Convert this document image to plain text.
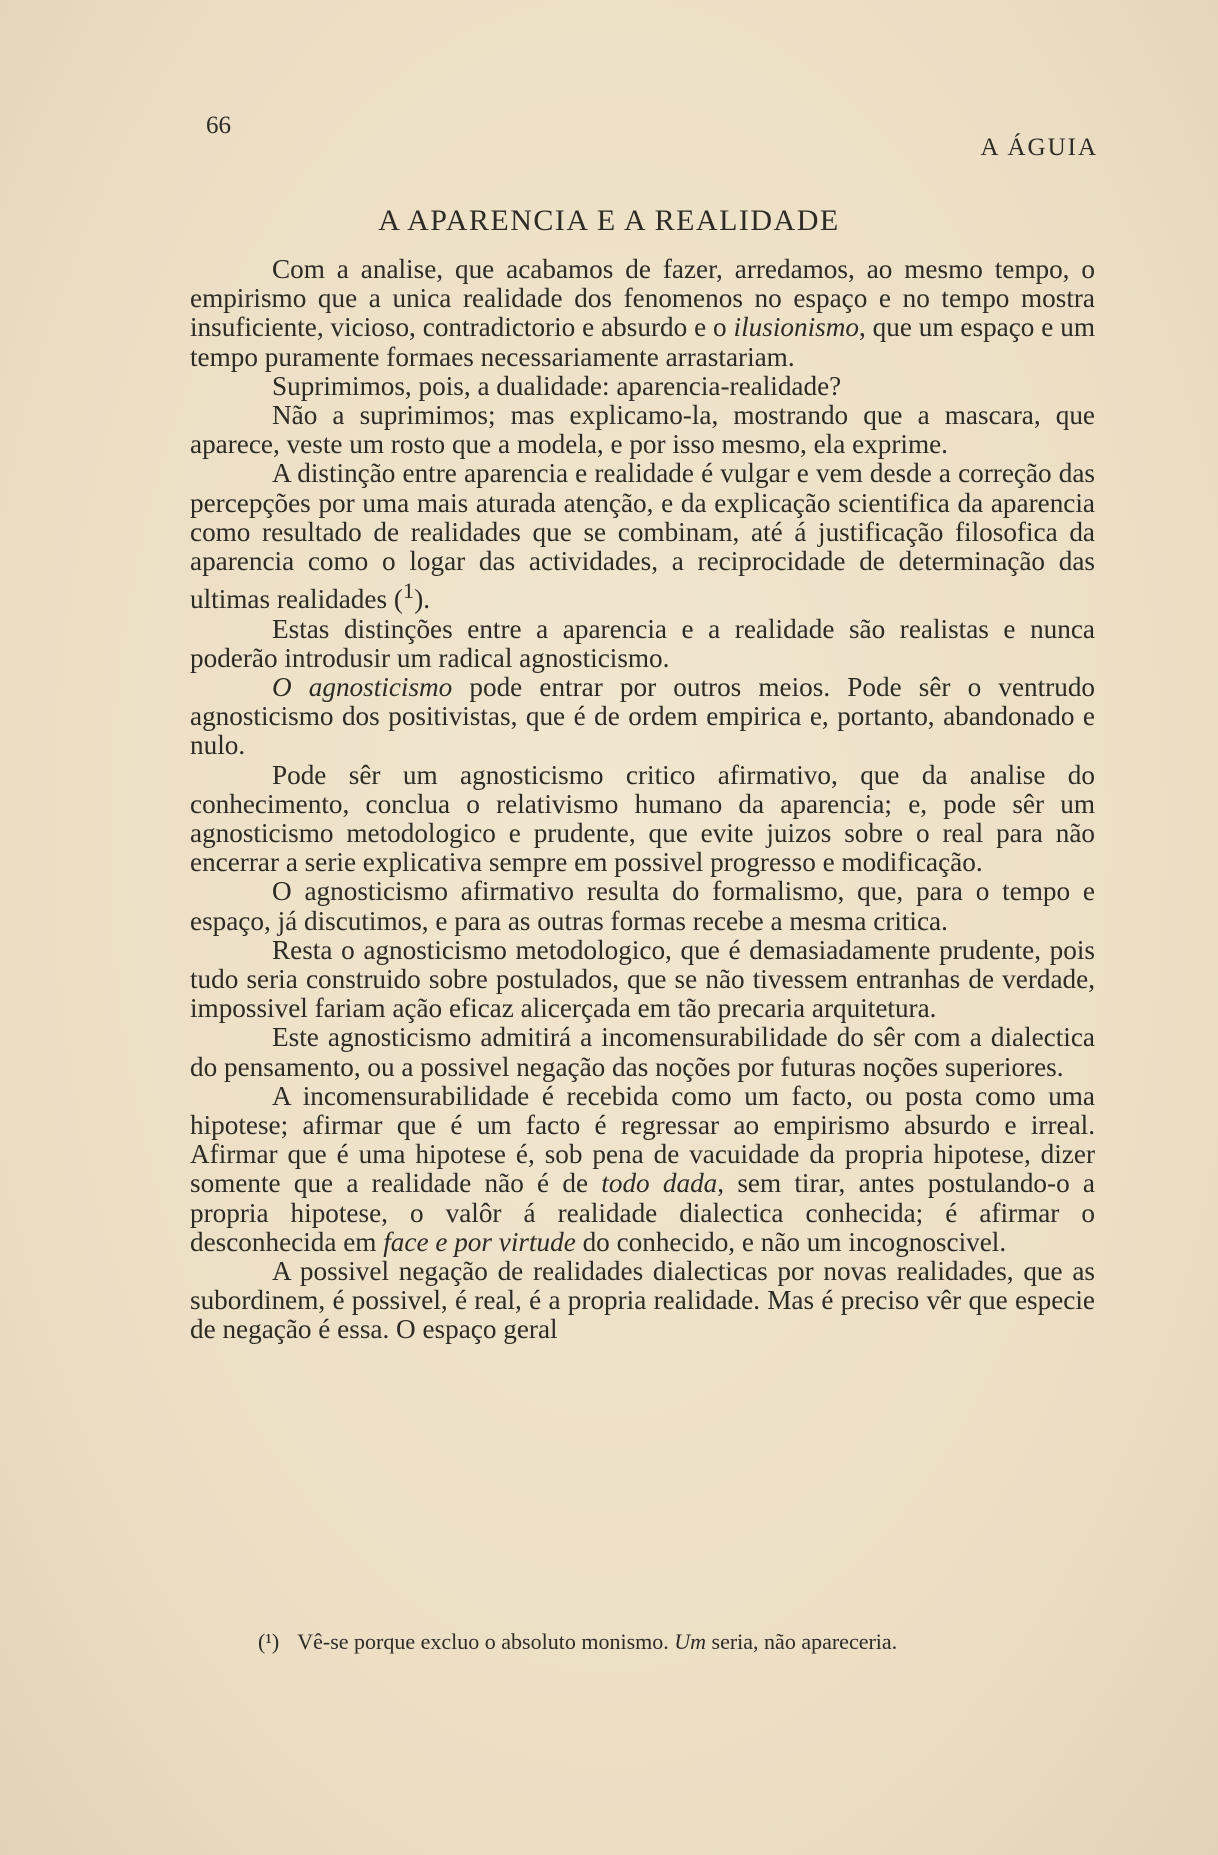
66
A ÁGUIA
A APARENCIA E A REALIDADE

Com a analise, que acabamos de fazer, arredamos, ao mesmo tempo, o empirismo que a unica realidade dos fenomenos no espaço e no tempo mostra insuficiente, vicioso, contradictorio e absurdo e o ilusionismo, que um espaço e um tempo puramente formaes necessariamente arrastariam.

Suprimimos, pois, a dualidade: aparencia-realidade?

Não a suprimimos; mas explicamo-la, mostrando que a mascara, que aparece, veste um rosto que a modela, e por isso mesmo, ela exprime.

A distinção entre aparencia e realidade é vulgar e vem desde a correção das percepções por uma mais aturada atenção, e da explicação scientifica da aparencia como resultado de realidades que se combinam, até á justificação filosofica da aparencia como o logar das actividades, a reciprocidade de determinação das ultimas realidades ($^1$).

Estas distinções entre a aparencia e a realidade são realistas e nunca poderão introdusir um radical agnosticismo.

O agnosticismo pode entrar por outros meios. Pode sêr o ventrudo agnosticismo dos positivistas, que é de ordem empirica e, portanto, abandonado e nulo.

Pode sêr um agnosticismo critico afirmativo, que da analise do conhecimento, conclua o relativismo humano da aparencia; e, pode sêr um agnosticismo metodologico e prudente, que evite juizos sobre o real para não encerrar a serie explicativa sempre em possivel progresso e modificação.

O agnosticismo afirmativo resulta do formalismo, que, para o tempo e espaço, já discutimos, e para as outras formas recebe a mesma critica.

Resta o agnosticismo metodologico, que é demasiadamente prudente, pois tudo seria construido sobre postulados, que se não tivessem entranhas de verdade, impossivel fariam ação eficaz alicerçada em tão precaria arquitetura.

Este agnosticismo admitirá a incomensurabilidade do sêr com a dialectica do pensamento, ou a possivel negação das noções por futuras noções superiores.

A incomensurabilidade é recebida como um facto, ou posta como uma hipotese; afirmar que é um facto é regressar ao empirismo absurdo e irreal. Afirmar que é uma hipotese é, sob pena de vacuidade da propria hipotese, dizer somente que a realidade não é de todo dada, sem tirar, antes postulando-o a propria hipotese, o valôr á realidade dialectica conhecida; é afirmar o desconhecida em face e por virtude do conhecido, e não um incognoscivel.

A possivel negação de realidades dialecticas por novas realidades, que as subordinem, é possivel, é real, é a propria realidade. Mas é preciso vêr que especie de negação é essa. O espaço geral

(¹) Vê-se porque excluo o absoluto monismo. Um seria, não apareceria.
